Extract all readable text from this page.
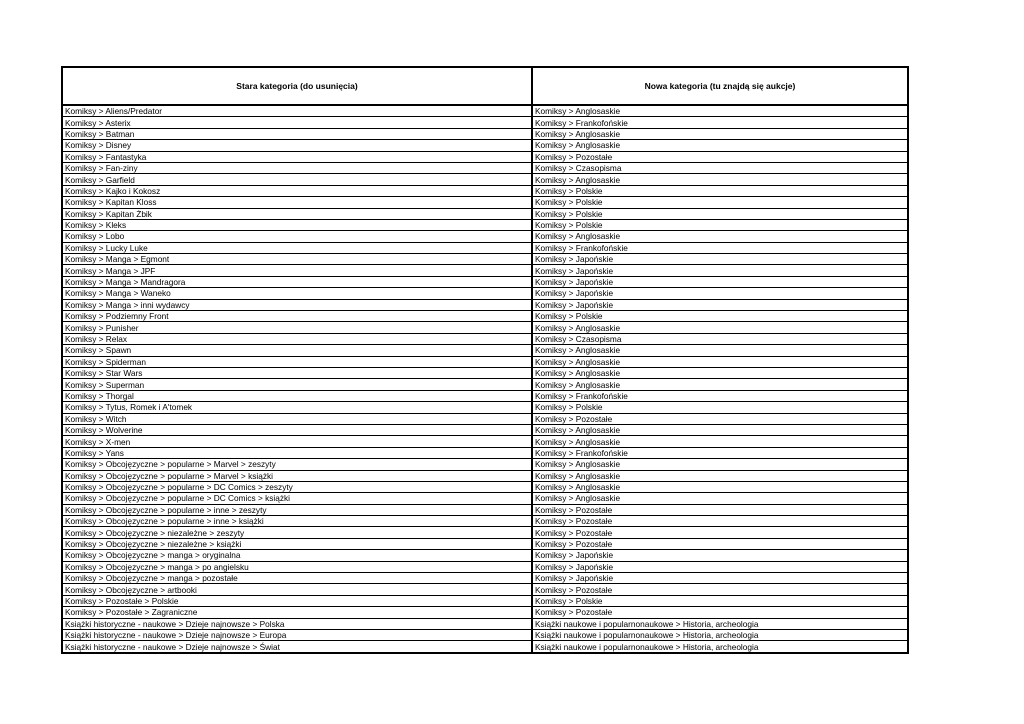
Stara kategoria (do usunięcia)	Nowa kategoria (tu znajdą się aukcje)
Komiksy > Aliens/Predator	Komiksy > Anglosaskie
Komiksy > Asterix	Komiksy > Frankofońskie
Komiksy > Batman	Komiksy > Anglosaskie
Komiksy > Disney	Komiksy > Anglosaskie
Komiksy > Fantastyka	Komiksy > Pozostałe
Komiksy > Fan-ziny	Komiksy > Czasopisma
Komiksy > Garfield	Komiksy > Anglosaskie
Komiksy > Kajko i Kokosz	Komiksy > Polskie
Komiksy > Kapitan Kloss	Komiksy > Polskie
Komiksy > Kapitan Żbik	Komiksy > Polskie
Komiksy > Kleks	Komiksy > Polskie
Komiksy > Lobo	Komiksy > Anglosaskie
Komiksy > Lucky Luke	Komiksy > Frankofońskie
Komiksy > Manga > Egmont	Komiksy > Japońskie
Komiksy > Manga > JPF	Komiksy > Japońskie
Komiksy > Manga > Mandragora	Komiksy > Japońskie
Komiksy > Manga > Waneko	Komiksy > Japońskie
Komiksy > Manga > inni wydawcy	Komiksy > Japońskie
Komiksy > Podziemny Front	Komiksy > Polskie
Komiksy > Punisher	Komiksy > Anglosaskie
Komiksy > Relax	Komiksy > Czasopisma
Komiksy > Spawn	Komiksy > Anglosaskie
Komiksy > Spiderman	Komiksy > Anglosaskie
Komiksy > Star Wars	Komiksy > Anglosaskie
Komiksy > Superman	Komiksy > Anglosaskie
Komiksy > Thorgal	Komiksy > Frankofońskie
Komiksy > Tytus, Romek i A'tomek	Komiksy > Polskie
Komiksy > Witch	Komiksy > Pozostałe
Komiksy > Wolverine	Komiksy > Anglosaskie
Komiksy > X-men	Komiksy > Anglosaskie
Komiksy > Yans	Komiksy > Frankofońskie
Komiksy > Obcojęzyczne > popularne > Marvel > zeszyty	Komiksy > Anglosaskie
Komiksy > Obcojęzyczne > popularne > Marvel > książki	Komiksy > Anglosaskie
Komiksy > Obcojęzyczne > popularne > DC Comics > zeszyty	Komiksy > Anglosaskie
Komiksy > Obcojęzyczne > popularne > DC Comics > książki	Komiksy > Anglosaskie
Komiksy > Obcojęzyczne > popularne > inne > zeszyty	Komiksy > Pozostałe
Komiksy > Obcojęzyczne > popularne > inne > książki	Komiksy > Pozostałe
Komiksy > Obcojęzyczne > niezależne > zeszyty	Komiksy > Pozostałe
Komiksy > Obcojęzyczne > niezależne > książki	Komiksy > Pozostałe
Komiksy > Obcojęzyczne > manga > oryginalna	Komiksy > Japońskie
Komiksy > Obcojęzyczne > manga > po angielsku	Komiksy > Japońskie
Komiksy > Obcojęzyczne > manga > pozostałe	Komiksy > Japońskie
Komiksy > Obcojęzyczne > artbooki	Komiksy > Pozostałe
Komiksy > Pozostałe > Polskie	Komiksy > Polskie
Komiksy > Pozostałe > Zagraniczne	Komiksy > Pozostałe
Książki historyczne - naukowe > Dzieje najnowsze > Polska	Książki naukowe i popularnonaukowe > Historia, archeologia
Książki historyczne - naukowe > Dzieje najnowsze > Europa	Książki naukowe i popularnonaukowe > Historia, archeologia
Książki historyczne - naukowe > Dzieje najnowsze > Świat	Książki naukowe i popularnonaukowe > Historia, archeologia
